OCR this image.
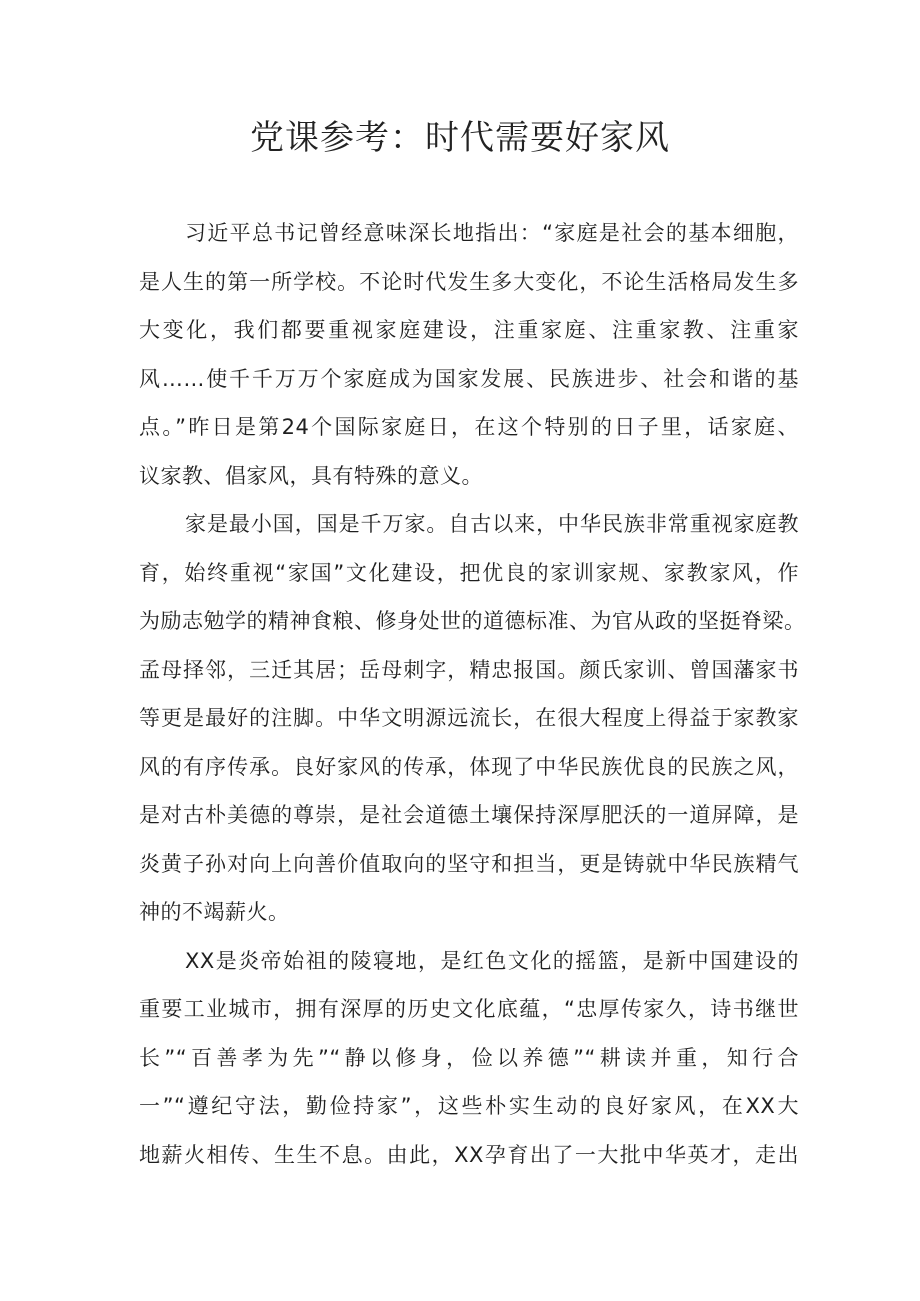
党课参考：时代需要好家风

习近平总书记曾经意味深长地指出：“家庭是社会的基本细胞，
是人生的第一所学校。不论时代发生多大变化，不论生活格局发生多
大变化，我们都要重视家庭建设，注重家庭、注重家教、注重家
风……使千千万万个家庭成为国家发展、民族进步、社会和谐的基
点。”昨日是第24个国际家庭日，在这个特别的日子里，话家庭、
议家教、倡家风，具有特殊的意义。

家是最小国，国是千万家。自古以来，中华民族非常重视家庭教
育，始终重视“家国”文化建设，把优良的家训家规、家教家风，作
为励志勉学的精神食粮、修身处世的道德标准、为官从政的坚挺脊梁。
孟母择邻，三迁其居；岳母刺字，精忠报国。颜氏家训、曾国藩家书
等更是最好的注脚。中华文明源远流长，在很大程度上得益于家教家
风的有序传承。良好家风的传承，体现了中华民族优良的民族之风，
是对古朴美德的尊崇，是社会道德土壤保持深厚肥沃的一道屏障，是
炎黄子孙对向上向善价值取向的坚守和担当，更是铸就中华民族精气
神的不竭薪火。

XX是炎帝始祖的陵寝地，是红色文化的摇篮，是新中国建设的
重要工业城市，拥有深厚的历史文化底蕴，“忠厚传家久，诗书继世
长”“百善孝为先”“静以修身，俭以养德”“耕读并重，知行合
一”“遵纪守法，勤俭持家”，这些朴实生动的良好家风，在XX大
地薪火相传、生生不息。由此，XX孕育出了一大批中华英才，走出
